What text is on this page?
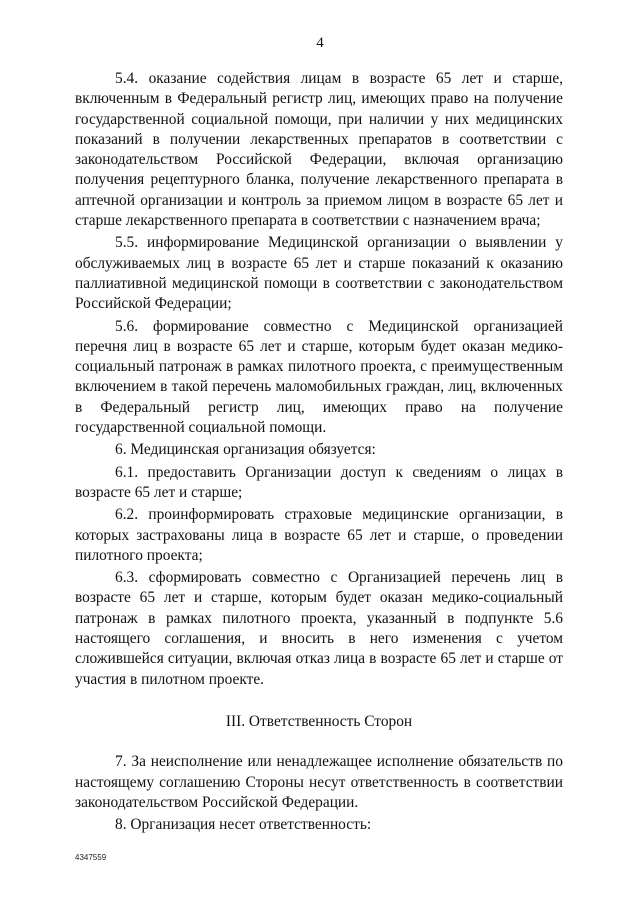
4

5.4. оказание содействия лицам в возрасте 65 лет и старше, включенным в Федеральный регистр лиц, имеющих право на получение государственной социальной помощи, при наличии у них медицинских показаний в получении лекарственных препаратов в соответствии с законодательством Российской Федерации, включая организацию получения рецептурного бланка, получение лекарственного препарата в аптечной организации и контроль за приемом лицом в возрасте 65 лет и старше лекарственного препарата в соответствии с назначением врача;

5.5. информирование Медицинской организации о выявлении у обслуживаемых лиц в возрасте 65 лет и старше показаний к оказанию паллиативной медицинской помощи в соответствии с законодательством Российской Федерации;

5.6. формирование совместно с Медицинской организацией перечня лиц в возрасте 65 лет и старше, которым будет оказан медико-социальный патронаж в рамках пилотного проекта, с преимущественным включением в такой перечень маломобильных граждан, лиц, включенных в Федеральный регистр лиц, имеющих право на получение государственной социальной помощи.

6. Медицинская организация обязуется:

6.1. предоставить Организации доступ к сведениям о лицах в возрасте 65 лет и старше;

6.2. проинформировать страховые медицинские организации, в которых застрахованы лица в возрасте 65 лет и старше, о проведении пилотного проекта;

6.3. сформировать совместно с Организацией перечень лиц в возрасте 65 лет и старше, которым будет оказан медико-социальный патронаж в рамках пилотного проекта, указанный в подпункте 5.6 настоящего соглашения, и вносить в него изменения с учетом сложившейся ситуации, включая отказ лица в возрасте 65 лет и старше от участия в пилотном проекте.

III. Ответственность Сторон

7. За неисполнение или ненадлежащее исполнение обязательств по настоящему соглашению Стороны несут ответственность в соответствии законодательством Российской Федерации.

8. Организация несет ответственность:

4347559
